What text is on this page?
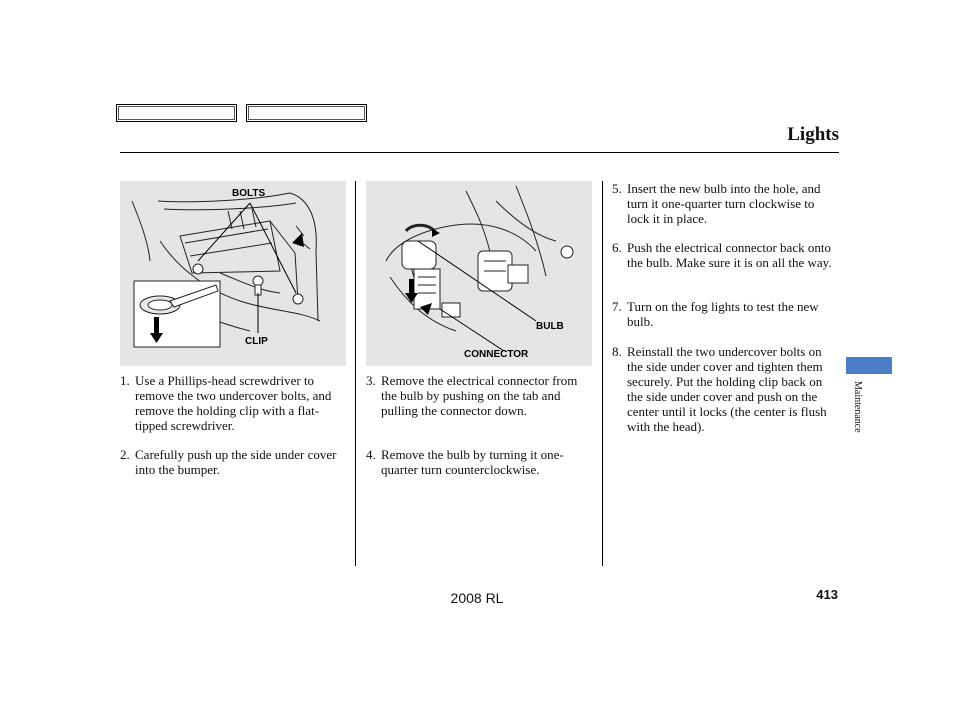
Lights
BOLTS
CLIP
BULB
CONNECTOR
1. Use a Phillips-head screwdriver to remove the two undercover bolts, and remove the holding clip with a flat-tipped screwdriver.
2. Carefully push up the side under cover into the bumper.
3. Remove the electrical connector from the bulb by pushing on the tab and pulling the connector down.
4. Remove the bulb by turning it one-quarter turn counterclockwise.
5. Insert the new bulb into the hole, and turn it one-quarter turn clockwise to lock it in place.
6. Push the electrical connector back onto the bulb. Make sure it is on all the way.
7. Turn on the fog lights to test the new bulb.
8. Reinstall the two undercover bolts on the side under cover and tighten them securely. Put the holding clip back on the side under cover and push on the center until it locks (the center is flush with the head).	Maintenance
2008 RL	413
